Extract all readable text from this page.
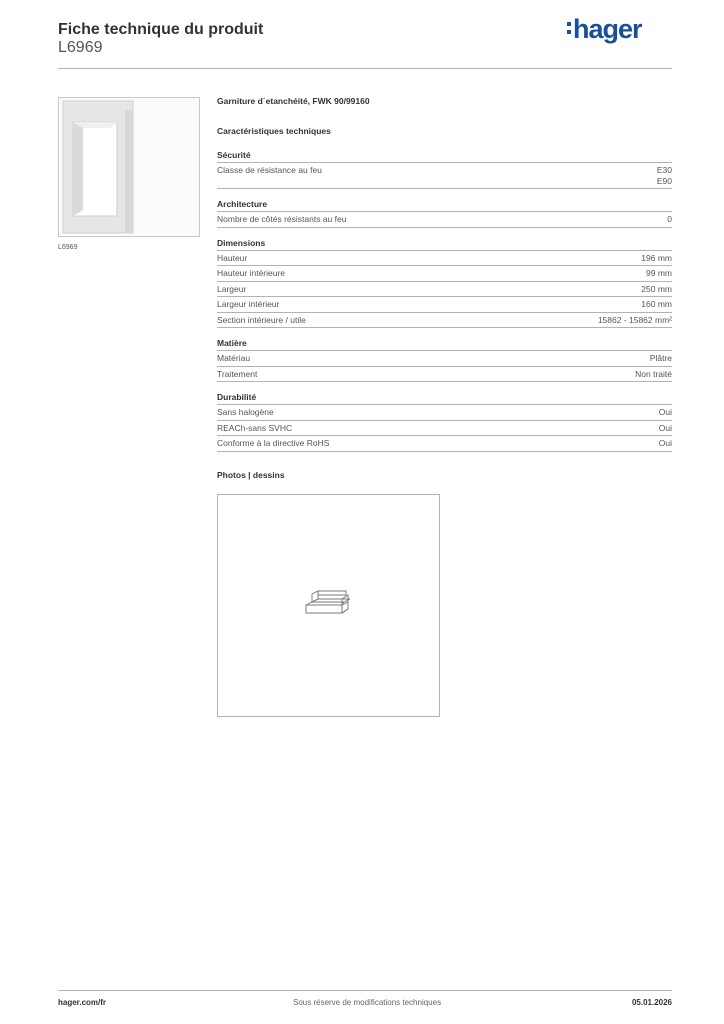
Fiche technique du produit
L6969
hager
L6969
Garniture d´etanchéité, FWK 90/99160
Caractéristiques techniques
Sécurité
Classe de résistance au feu	E30
E90
Architecture
Nombre de côtés résistants au feu	0
Dimensions
Hauteur	196 mm
Hauteur intérieure	99 mm
Largeur	250 mm
Largeur intérieur	160 mm
Section intérieure / utile	15862 - 15862 mm²
Matière
Matériau	Plâtre
Traitement	Non traité
Durabilité
Sans halogène	Oui
REACh-sans SVHC	Oui
Conforme à la directive RoHS	Oui
Photos | dessins
hager.com/fr	Sous réserve de modifications techniques	05.01.2026
